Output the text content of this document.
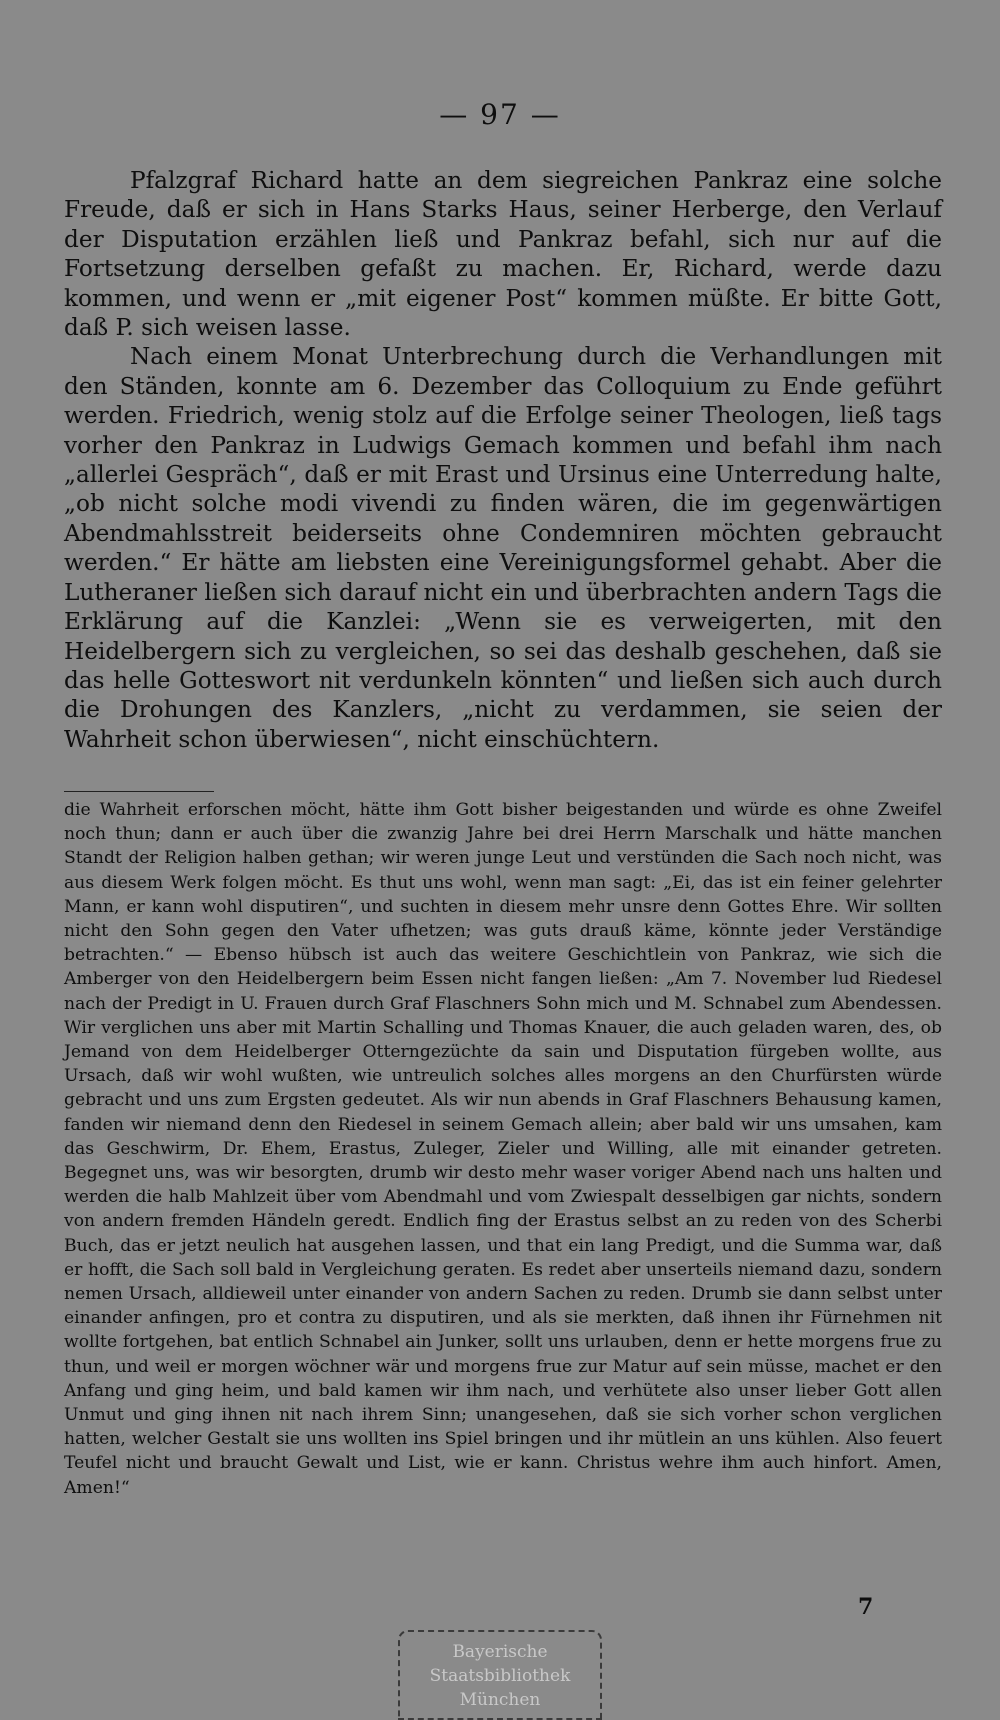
— 97 —

Pfalzgraf Richard hatte an dem siegreichen Pankraz eine solche Freude, daß er sich in Hans Starks Haus, seiner Herberge, den Verlauf der Disputation erzählen ließ und Pankraz befahl, sich nur auf die Fortsetzung derselben gefaßt zu machen. Er, Richard, werde dazu kommen, und wenn er „mit eigener Post“ kommen müßte. Er bitte Gott, daß P. sich weisen lasse.

Nach einem Monat Unterbrechung durch die Verhandlungen mit den Ständen, konnte am 6. Dezember das Colloquium zu Ende geführt werden. Friedrich, wenig stolz auf die Erfolge seiner Theologen, ließ tags vorher den Pankraz in Ludwigs Gemach kommen und befahl ihm nach „allerlei Gespräch“, daß er mit Erast und Ursinus eine Unterredung halte, „ob nicht solche modi vivendi zu finden wären, die im gegenwärtigen Abendmahlsstreit beiderseits ohne Condemniren möchten gebraucht werden.“ Er hätte am liebsten eine Vereinigungsformel gehabt. Aber die Lutheraner ließen sich darauf nicht ein und überbrachten andern Tags die Erklärung auf die Kanzlei: „Wenn sie es verweigerten, mit den Heidelbergern sich zu vergleichen, so sei das deshalb geschehen, daß sie das helle Gotteswort nit verdunkeln könnten“ und ließen sich auch durch die Drohungen des Kanzlers, „nicht zu verdammen, sie seien der Wahrheit schon überwiesen“, nicht einschüchtern.

die Wahrheit erforschen möcht, hätte ihm Gott bisher beigestanden und würde es ohne Zweifel noch thun; dann er auch über die zwanzig Jahre bei drei Herrn Marschalk und hätte manchen Standt der Religion halben gethan; wir weren junge Leut und verstünden die Sach noch nicht, was aus diesem Werk folgen möcht. Es thut uns wohl, wenn man sagt: „Ei, das ist ein feiner gelehrter Mann, er kann wohl disputiren“, und suchten in diesem mehr unsre denn Gottes Ehre. Wir sollten nicht den Sohn gegen den Vater ufhetzen; was guts drauß käme, könnte jeder Verständige betrachten.“ — Ebenso hübsch ist auch das weitere Geschichtlein von Pankraz, wie sich die Amberger von den Heidelbergern beim Essen nicht fangen ließen: „Am 7. November lud Riedesel nach der Predigt in U. Frauen durch Graf Flaschners Sohn mich und M. Schnabel zum Abendessen. Wir verglichen uns aber mit Martin Schalling und Thomas Knauer, die auch geladen waren, des, ob Jemand von dem Heidelberger Otterngezüchte da sain und Disputation fürgeben wollte, aus Ursach, daß wir wohl wußten, wie untreulich solches alles morgens an den Churfürsten würde gebracht und uns zum Ergsten gedeutet. Als wir nun abends in Graf Flaschners Behausung kamen, fanden wir niemand denn den Riedesel in seinem Gemach allein; aber bald wir uns umsahen, kam das Geschwirm, Dr. Ehem, Erastus, Zuleger, Zieler und Willing, alle mit einander getreten. Begegnet uns, was wir besorgten, drumb wir desto mehr waser voriger Abend nach uns halten und werden die halb Mahlzeit über vom Abendmahl und vom Zwiespalt desselbigen gar nichts, sondern von andern fremden Händeln geredt. Endlich fing der Erastus selbst an zu reden von des Scherbi Buch, das er jetzt neulich hat ausgehen lassen, und that ein lang Predigt, und die Summa war, daß er hofft, die Sach soll bald in Vergleichung geraten. Es redet aber unserteils niemand dazu, sondern nemen Ursach, alldieweil unter einander von andern Sachen zu reden. Drumb sie dann selbst unter einander anfingen, pro et contra zu disputiren, und als sie merkten, daß ihnen ihr Fürnehmen nit wollte fortgehen, bat entlich Schnabel ain Junker, sollt uns urlauben, denn er hette morgens frue zu thun, und weil er morgen wöchner wär und morgens frue zur Matur auf sein müsse, machet er den Anfang und ging heim, und bald kamen wir ihm nach, und verhütete also unser lieber Gott allen Unmut und ging ihnen nit nach ihrem Sinn; unangesehen, daß sie sich vorher schon verglichen hatten, welcher Gestalt sie uns wollten ins Spiel bringen und ihr mütlein an uns kühlen. Also feuert Teufel nicht und braucht Gewalt und List, wie er kann. Christus wehre ihm auch hinfort. Amen, Amen!“

7
Bayerische
Staatsbibliothek
München
